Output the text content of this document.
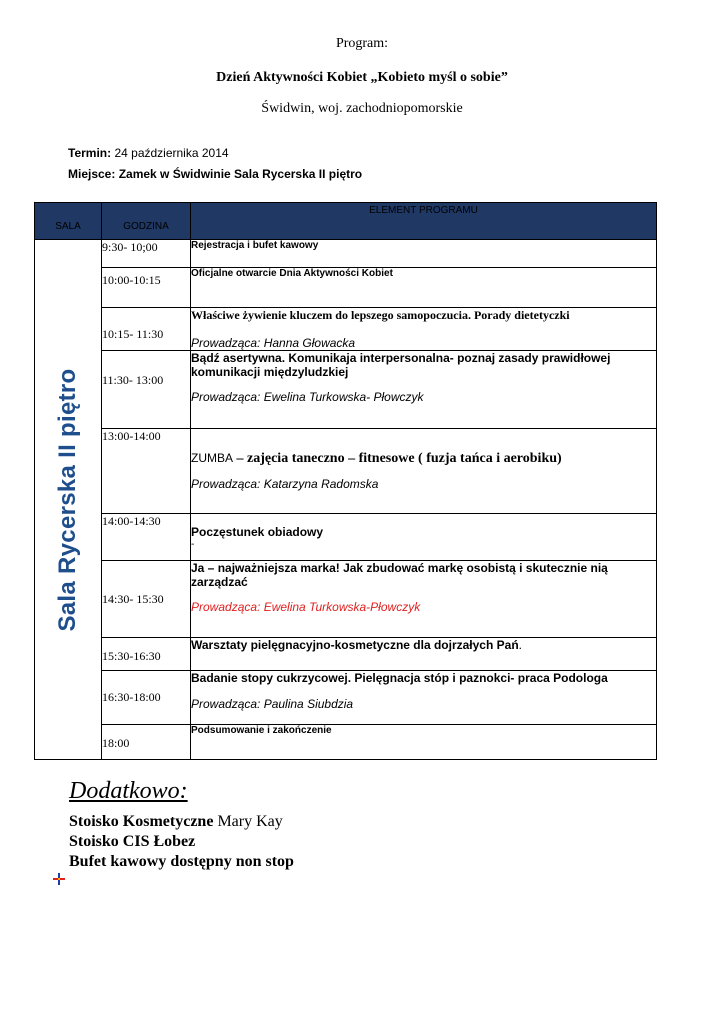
Program:
Dzień Aktywności Kobiet „Kobieto myśl o sobie”
Świdwin, woj. zachodniopomorskie
Termin: 24 października 2014
Miejsce: Zamek w Świdwinie Sala Rycerska II piętro
SALA	GODZINA	ELEMENT PROGRAMU

Sala Rycerska II piętro	9:30- 10;00	Rejestracja i bufet kawowy

	10:00-10:15	Oficjalne otwarcie Dnia Aktywności Kobiet

	10:15- 11:30	Właściwe żywienie kluczem do lepszego samopoczucia. Porady dietetyczki
Prowadząca: Hanna Głowacka

	11:30- 13:00	Bądź asertywna. Komunikaja interpersonalna- poznaj zasady prawidłowej komunikacji międzyludzkiej
Prowadząca: Ewelina Turkowska- Płowczyk

	13:00-14:00	ZUMBA – zajęcia taneczno – fitnesowe ( fuzja tańca i aerobiku)
Prowadząca: Katarzyna Radomska

	14:00-14:30	Poczęstunek obiadowy
-

	14:30- 15:30	Ja – najważniejsza marka! Jak zbudować markę osobistą i skutecznie nią zarządzać
Prowadząca: Ewelina Turkowska-Płowczyk

	15:30-16:30	Warsztaty pielęgnacyjno-kosmetyczne dla dojrzałych Pań.

	16:30-18:00	Badanie stopy cukrzycowej. Pielęgnacja stóp i paznokci- praca Podologa
Prowadząca: Paulina Siubdzia

	18:00	Podsumowanie i zakończenie
Dodatkowo:
Stoisko Kosmetyczne Mary Kay
Stoisko CIS Łobez
Bufet kawowy dostępny non stop
